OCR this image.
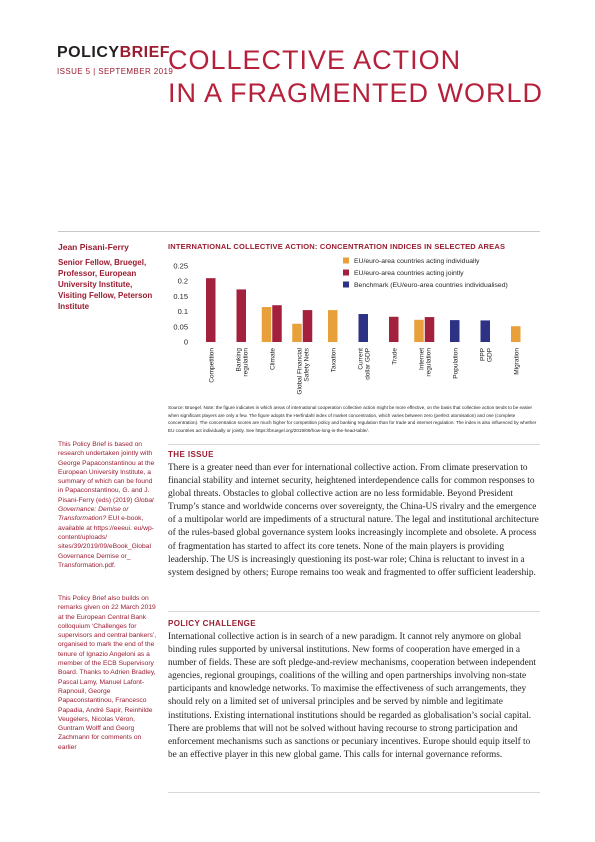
POLICYBRIEF
ISSUE 5 | SEPTEMBER 2019
COLLECTIVE ACTION
IN A FRAGMENTED WORLD
Jean Pisani-Ferry
Senior Fellow, Bruegel, Professor, European University Institute, Visiting Fellow, Peterson Institute
This Policy Brief is based on research undertaken jointly with George Papaconstantinou at the European University Institute, a summary of which can be found in Papaconstantinou, G. and J. Pisani-Ferry (eds) (2019) Global Governance: Demise or Transformation? EUI e-book, available at https://eeeui. eu/wp-content/uploads/ sites/39/2019/09/eBook_Global Governance Demise or_ Transformation.pdf.
This Policy Brief also builds on remarks given on 22 March 2019 at the European Central Bank colloquium ‘Challenges for supervisors and central bankers’, organised to mark the end of the tenure of Ignazio Angeloni as a member of the ECB Supervisory Board. Thanks to Adrien Bradley, Pascal Lamy, Manuel Lafont-Rapnouil, George Papaconstantinou, Francesco Papadia, André Sapir, Reinhilde Veugelers, Nicolas Véron, Guntram Wolff and Georg Zachmann for comments on earlier
INTERNATIONAL COLLECTIVE ACTION: CONCENTRATION INDICES IN SELECTED AREAS
0.25
0.2
0.15
0.1
0.05
0
Competition	Bankingregulation	Climate	Global FinancialSafety Nets	Taxation	Currentdollar GDP	Trade	Internetregulation	Population	PPPGDP	Migration
EU/euro-area countries acting individually
EU/euro-area countries acting jointly
Benchmark (EU/euro-area countries individualised)
Source: Bruegel. Note: the figure indicates in which areas of international cooperation collective action might be more effective, on the basis that collective action tends to be easier when significant players are only a few. The figure adopts the Herfindahl index of market concentration, which varies between zero (perfect atomisation) and one (complete concentration). The concentration scores are much higher for competition policy and banking regulation than for trade and internet regulation. The index is also influenced by whether EU countries act individually or jointly. See https://bruegel.org/2019/09/how-long-is-the-head-table/.
THE ISSUE
There is a greater need than ever for international collective action. From climate preservation to financial stability and internet security, heightened interdependence calls for common responses to global threats. Obstacles to global collective action are no less formidable. Beyond President Trump’s stance and worldwide concerns over sovereignty, the China-US rivalry and the emergence of a multipolar world are impediments of a structural nature. The legal and institutional architecture of the rules-based global governance system looks increasingly incomplete and obsolete. A process of fragmentation has started to affect its core tenets. None of the main players is providing leadership. The US is increasingly questioning its post-war role; China is reluctant to invest in a system designed by others; Europe remains too weak and fragmented to offer sufficient leadership.
POLICY CHALLENGE
International collective action is in search of a new paradigm. It cannot rely anymore on global binding rules supported by universal institutions. New forms of cooperation have emerged in a number of fields. These are soft pledge-and-review mechanisms, cooperation between independent agencies, regional groupings, coalitions of the willing and open partnerships involving non-state participants and knowledge networks. To maximise the effectiveness of such arrangements, they should rely on a limited set of universal principles and be served by nimble and legitimate institutions. Existing international institutions should be regarded as globalisation’s social capital. There are problems that will not be solved without having recourse to strong participation and enforcement mechanisms such as sanctions or pecuniary incentives. Europe should equip itself to be an effective player in this new global game. This calls for internal governance reforms.
